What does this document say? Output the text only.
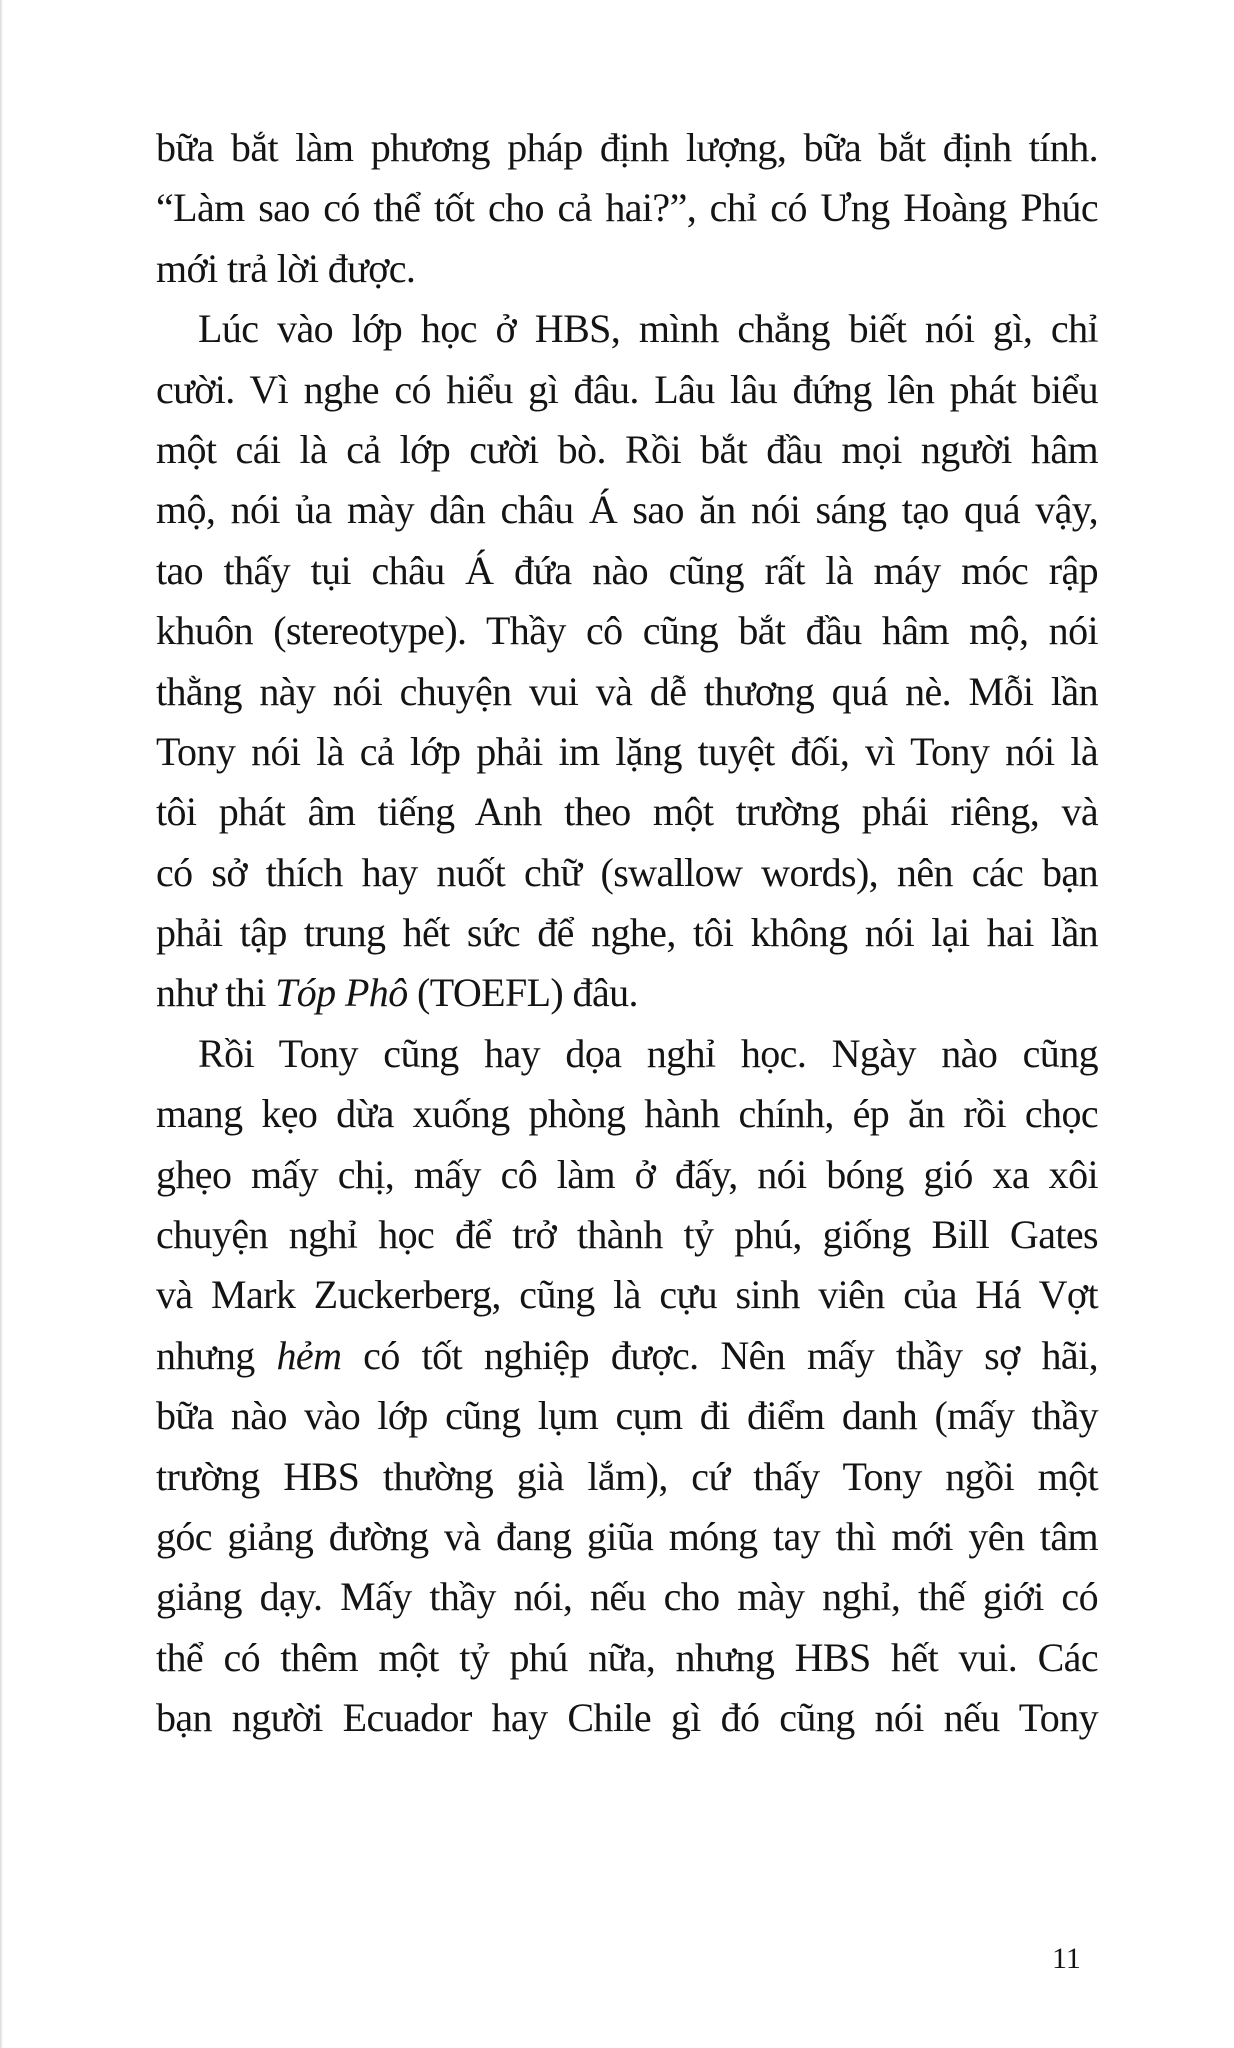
bữa bắt làm phương pháp định lượng, bữa bắt định tính.
“Làm sao có thể tốt cho cả hai?”, chỉ có Ưng Hoàng Phúc
mới trả lời được.
Lúc vào lớp học ở HBS, mình chẳng biết nói gì, chỉ
cười. Vì nghe có hiểu gì đâu. Lâu lâu đứng lên phát biểu
một cái là cả lớp cười bò. Rồi bắt đầu mọi người hâm
mộ, nói ủa mày dân châu Á sao ăn nói sáng tạo quá vậy,
tao thấy tụi châu Á đứa nào cũng rất là máy móc rập
khuôn (stereotype). Thầy cô cũng bắt đầu hâm mộ, nói
thằng này nói chuyện vui và dễ thương quá nè. Mỗi lần
Tony nói là cả lớp phải im lặng tuyệt đối, vì Tony nói là
tôi phát âm tiếng Anh theo một trường phái riêng, và
có sở thích hay nuốt chữ (swallow words), nên các bạn
phải tập trung hết sức để nghe, tôi không nói lại hai lần
như thi Tóp Phô (TOEFL) đâu.
Rồi Tony cũng hay dọa nghỉ học. Ngày nào cũng
mang kẹo dừa xuống phòng hành chính, ép ăn rồi chọc
ghẹo mấy chị, mấy cô làm ở đấy, nói bóng gió xa xôi
chuyện nghỉ học để trở thành tỷ phú, giống Bill Gates
và Mark Zuckerberg, cũng là cựu sinh viên của Há Vợt
nhưng hẻm có tốt nghiệp được. Nên mấy thầy sợ hãi,
bữa nào vào lớp cũng lụm cụm đi điểm danh (mấy thầy
trường HBS thường già lắm), cứ thấy Tony ngồi một
góc giảng đường và đang giũa móng tay thì mới yên tâm
giảng dạy. Mấy thầy nói, nếu cho mày nghỉ, thế giới có
thể có thêm một tỷ phú nữa, nhưng HBS hết vui. Các
bạn người Ecuador hay Chile gì đó cũng nói nếu Tony
11
